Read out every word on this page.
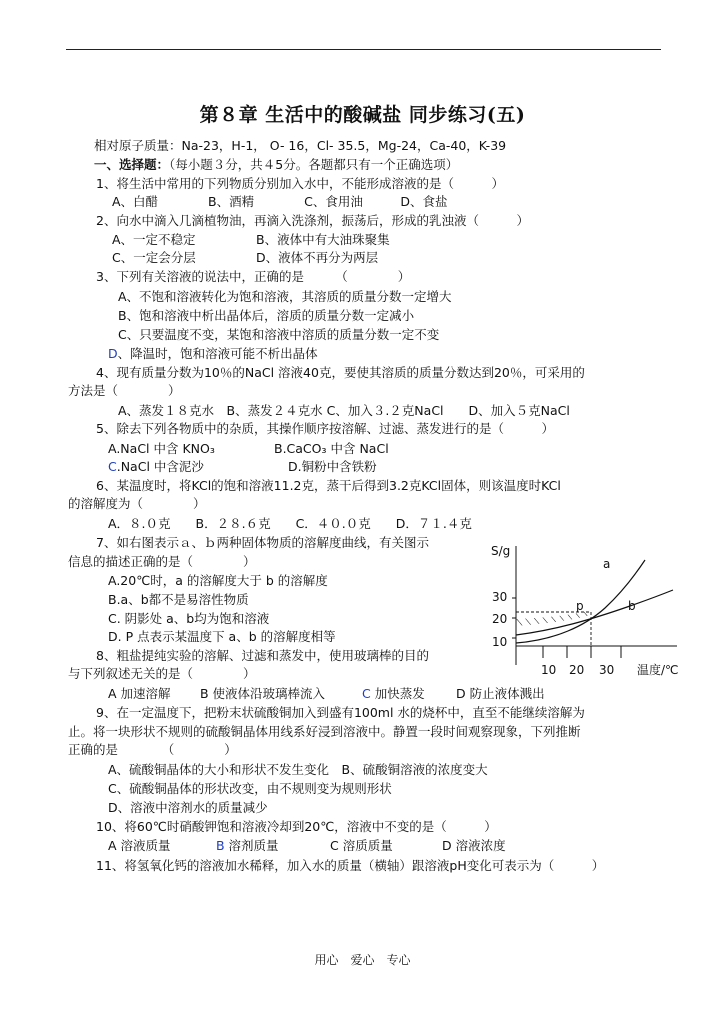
第８章 生活中的酸碱盐 同步练习(五)
相对原子质量：Na-23，H-1， O- 16，Cl- 35.5，Mg-24，Ca-40，K-39
一、选择题：（每小题３分，共４5分。各题都只有一个正确选项）
1、将生活中常用的下列物质分别加入水中，不能形成溶液的是（　　　）
A、白醋　　　　B、酒精　　　　C、食用油　　　D、食盐
2、向水中滴入几滴植物油，再滴入洗涤剂，振荡后，形成的乳浊液（　　　）
A、一定不稳定	B、液体中有大油珠聚集
C、一定会分层	D、液体不再分为两层
3、下列有关溶液的说法中，正确的是　　　（　　　　）
A、不饱和溶液转化为饱和溶液，其溶质的质量分数一定增大
B、饱和溶液中析出晶体后，溶质的质量分数一定减小
C、只要温度不变，某饱和溶液中溶质的质量分数一定不变
D、降温时，饱和溶液可能不析出晶体
4、现有质量分数为10％的NaCl 溶液40克，要使其溶质的质量分数达到20％，可采用的
方法是（　　　　）
A、蒸发１８克水　B、蒸发２４克水 C、加入３.２克NaCl　　D、加入５克NaCl
5、除去下列各物质中的杂质，其操作顺序按溶解、过滤、蒸发进行的是（　　　）
A.NaCl 中含 KNO₃	B.CaCO₃ 中含 NaCl
C.NaCl 中含泥沙	D.铜粉中含铁粉
6、某温度时，将KCl的饱和溶液11.2克，蒸干后得到3.2克KCl固体，则该温度时KCl
的溶解度为（　　　　）
A．８.０克　　B．２８.６克　　C．４０.０克　　D．７１.４克
7、如右图表示ａ、ｂ两种固体物质的溶解度曲线，有关图示
信息的描述正确的是（　　　　）
A.20℃时，a 的溶解度大于 b 的溶解度
B.a、b都不是易溶性物质
C. 阴影处 a、b均为饱和溶液
D. P 点表示某温度下 a、b 的溶解度相等
8、粗盐提纯实验的溶解、过滤和蒸发中，使用玻璃棒的目的
与下列叙述无关的是（　　　　）
A 加速溶解 B 使液体沿玻璃棒流入	C 加快蒸发	D 防止液体溅出
9、在一定温度下，把粉末状硫酸铜加入到盛有100ml 水的烧杯中，直至不能继续溶解为
止。将一块形状不规则的硫酸铜晶体用线系好浸到溶液中。静置一段时间观察现象，下列推断
正确的是　　　　（　　　　）
A、硫酸铜晶体的大小和形状不发生变化　B、硫酸铜溶液的浓度变大
C、硫酸铜晶体的形状改变，由不规则变为规则形状
D、溶液中溶剂水的质量减少
10、将60℃时硝酸钾饱和溶液冷却到20℃，溶液中不变的是（　　　）
A 溶液质量	B 溶剂质量	C 溶质质量	D 溶液浓度
11、将氢氧化钙的溶液加水稀释，加入水的质量（横轴）跟溶液pH变化可表示为（　　　）
S/g
30
20
10
10 20 30 温度/℃
a
b
p
用心　爱心　专心
